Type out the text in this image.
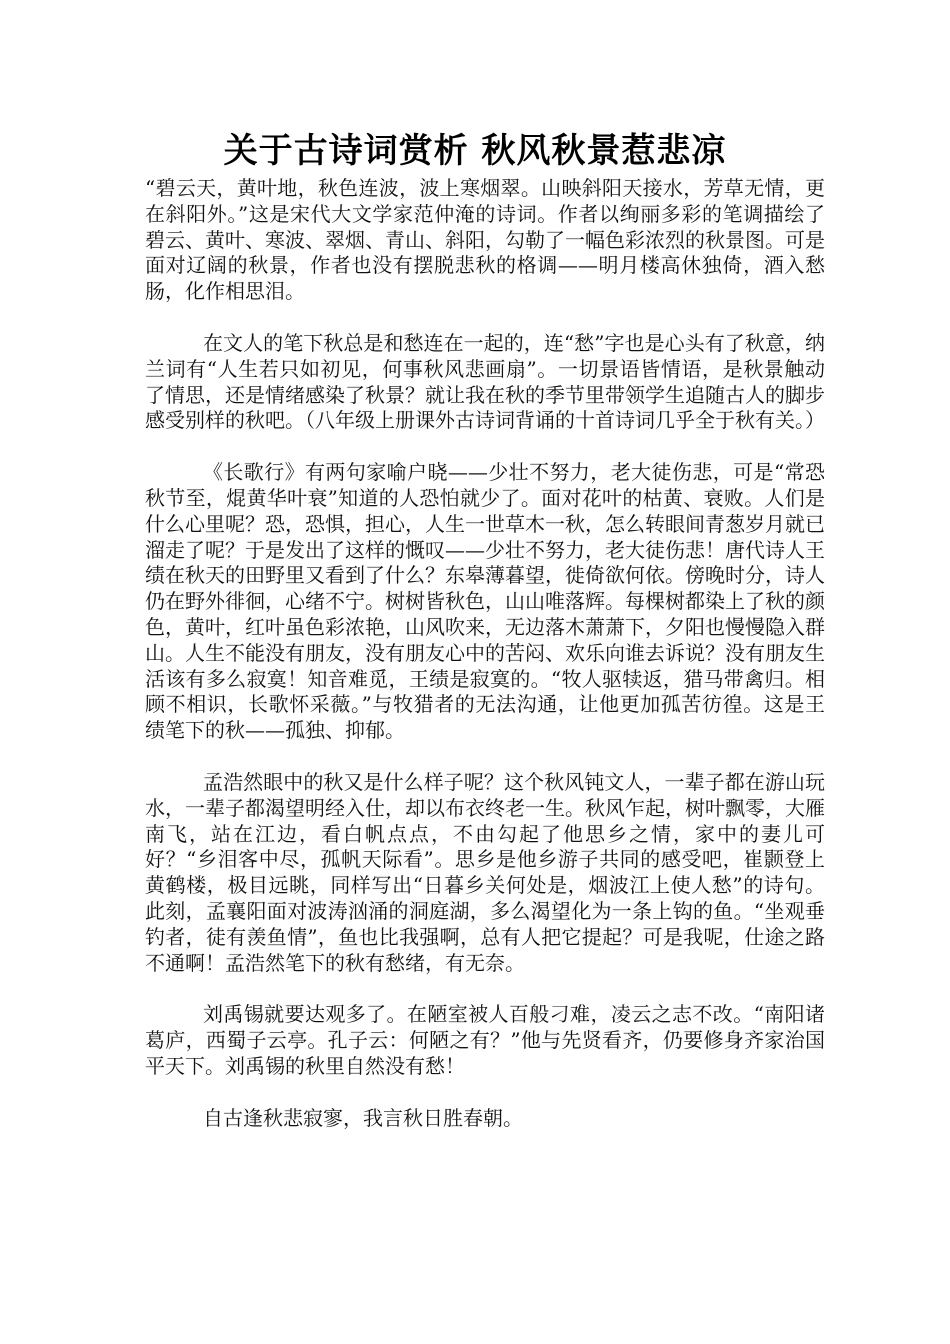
关于古诗词赏析 秋风秋景惹悲凉

“碧云天，黄叶地，秋色连波，波上寒烟翠。山映斜阳天接水，芳草无情，更在斜阳外。”这是宋代大文学家范仲淹的诗词。作者以绚丽多彩的笔调描绘了碧云、黄叶、寒波、翠烟、青山、斜阳，勾勒了一幅色彩浓烈的秋景图。可是面对辽阔的秋景，作者也没有摆脱悲秋的格调——明月楼高休独倚，酒入愁肠，化作相思泪。

在文人的笔下秋总是和愁连在一起的，连“愁”字也是心头有了秋意，纳兰词有“人生若只如初见，何事秋风悲画扇”。一切景语皆情语，是秋景触动了情思，还是情绪感染了秋景？就让我在秋的季节里带领学生追随古人的脚步感受别样的秋吧。（八年级上册课外古诗词背诵的十首诗词几乎全于秋有关。）

《长歌行》有两句家喻户晓——少壮不努力，老大徒伤悲，可是“常恐秋节至，焜黄华叶衰”知道的人恐怕就少了。面对花叶的枯黄、衰败。人们是什么心里呢？恐，恐惧，担心，人生一世草木一秋，怎么转眼间青葱岁月就已溜走了呢？于是发出了这样的慨叹——少壮不努力，老大徒伤悲！唐代诗人王绩在秋天的田野里又看到了什么？东皋薄暮望，徙倚欲何依。傍晚时分，诗人仍在野外徘徊，心绪不宁。树树皆秋色，山山唯落辉。每棵树都染上了秋的颜色，黄叶，红叶虽色彩浓艳，山风吹来，无边落木萧萧下，夕阳也慢慢隐入群山。人生不能没有朋友，没有朋友心中的苦闷、欢乐向谁去诉说？没有朋友生活该有多么寂寞！知音难觅，王绩是寂寞的。“牧人驱犊返，猎马带禽归。相顾不相识，长歌怀采薇。”与牧猎者的无法沟通，让他更加孤苦彷徨。这是王绩笔下的秋——孤独、抑郁。

孟浩然眼中的秋又是什么样子呢？这个秋风钝文人，一辈子都在游山玩水，一辈子都渴望明经入仕，却以布衣终老一生。秋风乍起，树叶飘零，大雁南飞，站在江边，看白帆点点，不由勾起了他思乡之情，家中的妻儿可好？“乡泪客中尽，孤帆天际看”。思乡是他乡游子共同的感受吧，崔颢登上黄鹤楼，极目远眺，同样写出“日暮乡关何处是，烟波江上使人愁”的诗句。此刻，孟襄阳面对波涛汹涌的洞庭湖，多么渴望化为一条上钩的鱼。“坐观垂钓者，徒有羡鱼情”，鱼也比我强啊，总有人把它提起？可是我呢，仕途之路不通啊！孟浩然笔下的秋有愁绪，有无奈。

刘禹锡就要达观多了。在陋室被人百般刁难，凌云之志不改。“南阳诸葛庐，西蜀子云亭。孔子云：何陋之有？”他与先贤看齐，仍要修身齐家治国平天下。刘禹锡的秋里自然没有愁！

自古逢秋悲寂寥，我言秋日胜春朝。
